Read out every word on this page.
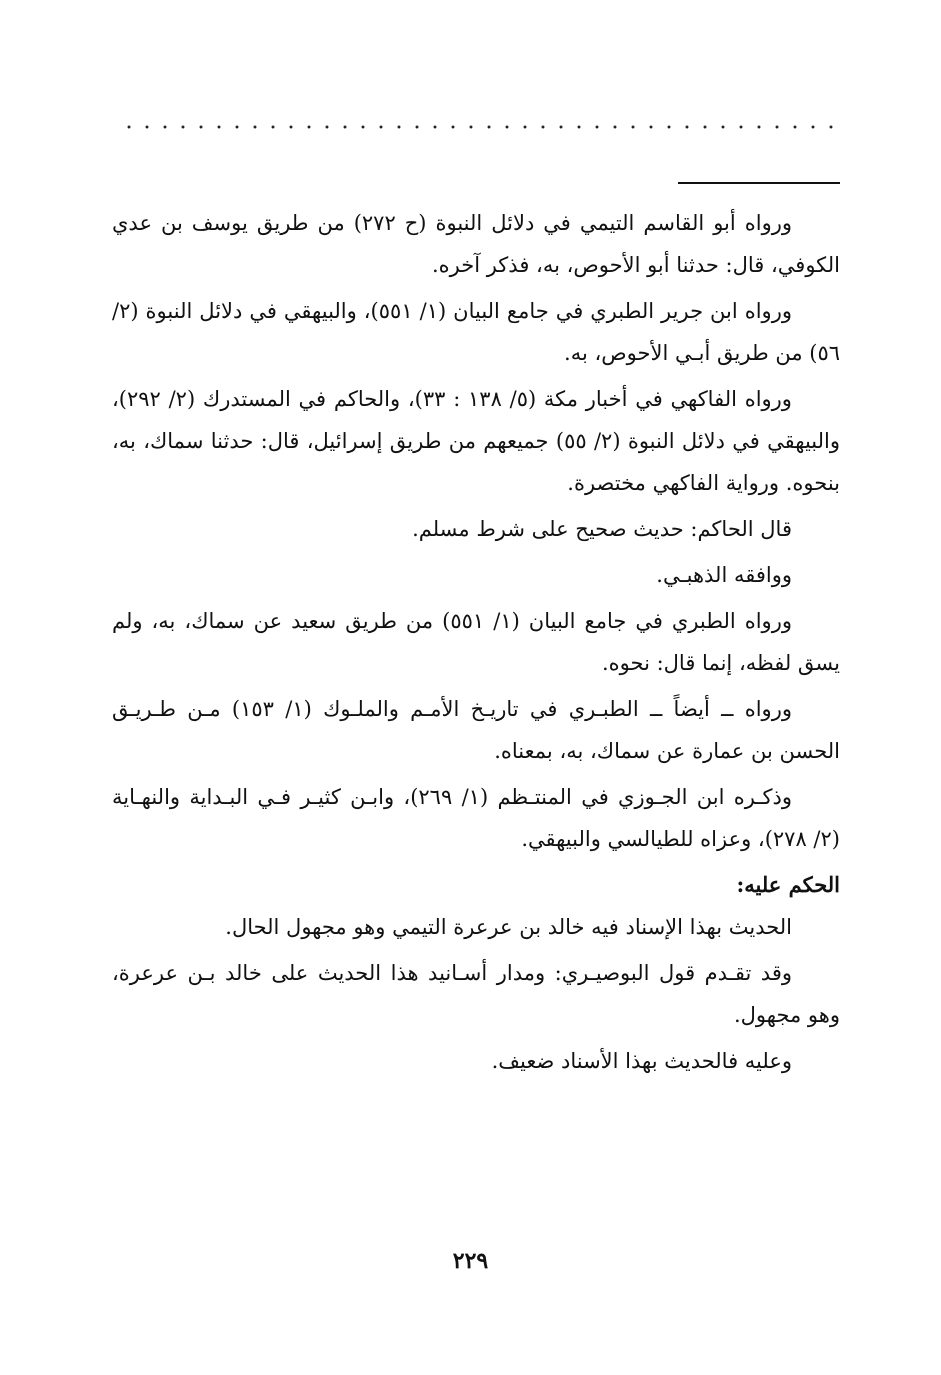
ورواه أبو القاسم التيمي في دلائل النبوة (ح ٢٧٢) من طريق يوسف بن عدي الكوفي، قال: حدثنا أبو الأحوص، به، فذكر آخره.

ورواه ابن جرير الطبري في جامع البيان (١/ ٥٥١)، والبيهقي في دلائل النبوة (٢/ ٥٦) من طريق أبـي الأحوص، به.

ورواه الفاكهي في أخبار مكة (٥/ ١٣٨ : ٣٣)، والحاكم في المستدرك (٢/ ٢٩٢)، والبيهقي في دلائل النبوة (٢/ ٥٥) جميعهم من طريق إسرائيل، قال: حدثنا سماك، به، بنحوه. ورواية الفاكهي مختصرة.

قال الحاكم: حديث صحيح على شرط مسلم.

ووافقه الذهبـي.

ورواه الطبري في جامع البيان (١/ ٥٥١) من طريق سعيد عن سماك، به، ولم يسق لفظه، إنما قال: نحوه.

ورواه ــ أيضاً ــ الطبـري في تاريـخ الأمـم والملـوك (١/ ١٥٣) مـن طـريـق الحسن بن عمارة عن سماك، به، بمعناه.

وذكـره ابن الجـوزي في المنتـظم (١/ ٢٦٩)، وابـن كثيـر فـي البـداية والنهـاية (٢/ ٢٧٨)، وعزاه للطيالسي والبيهقي.

الحكم عليه:

الحديث بهذا الإسناد فيه خالد بن عرعرة التيمي وهو مجهول الحال.

وقد تقـدم قول البوصيـري: ومدار أسـانيد هذا الحديث على خالد بـن عرعرة، وهو مجهول.

وعليه فالحديث بهذا الأسناد ضعيف.

٢٢٩
